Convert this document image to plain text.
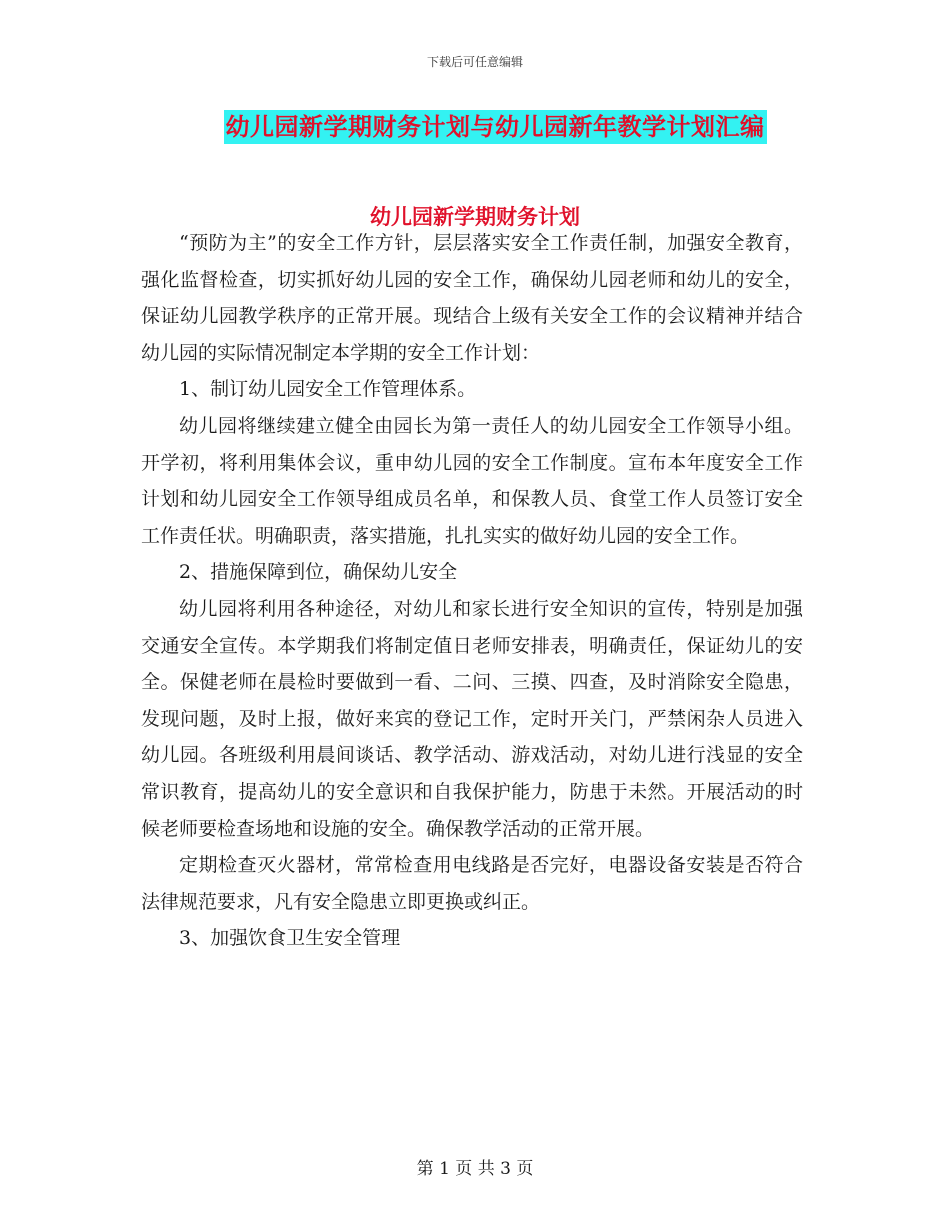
下载后可任意编辑
幼儿园新学期财务计划与幼儿园新年教学计划汇编
幼儿园新学期财务计划

“预防为主”的安全工作方针，层层落实安全工作责任制，加强安全教育，强化监督检查，切实抓好幼儿园的安全工作，确保幼儿园老师和幼儿的安全，保证幼儿园教学秩序的正常开展。现结合上级有关安全工作的会议精神并结合幼儿园的实际情况制定本学期的安全工作计划：

1、制订幼儿园安全工作管理体系。

幼儿园将继续建立健全由园长为第一责任人的幼儿园安全工作领导小组。开学初，将利用集体会议，重申幼儿园的安全工作制度。宣布本年度安全工作计划和幼儿园安全工作领导组成员名单，和保教人员、食堂工作人员签订安全工作责任状。明确职责，落实措施，扎扎实实的做好幼儿园的安全工作。

2、措施保障到位，确保幼儿安全

幼儿园将利用各种途径，对幼儿和家长进行安全知识的宣传，特别是加强交通安全宣传。本学期我们将制定值日老师安排表，明确责任，保证幼儿的安全。保健老师在晨检时要做到一看、二问、三摸、四查，及时消除安全隐患，发现问题，及时上报，做好来宾的登记工作，定时开关门，严禁闲杂人员进入幼儿园。各班级利用晨间谈话、教学活动、游戏活动，对幼儿进行浅显的安全常识教育，提高幼儿的安全意识和自我保护能力，防患于未然。开展活动的时候老师要检查场地和设施的安全。确保教学活动的正常开展。

定期检查灭火器材，常常检查用电线路是否完好，电器设备安装是否符合法律规范要求，凡有安全隐患立即更换或纠正。

3、加强饮食卫生安全管理

第 1 页 共 3 页
